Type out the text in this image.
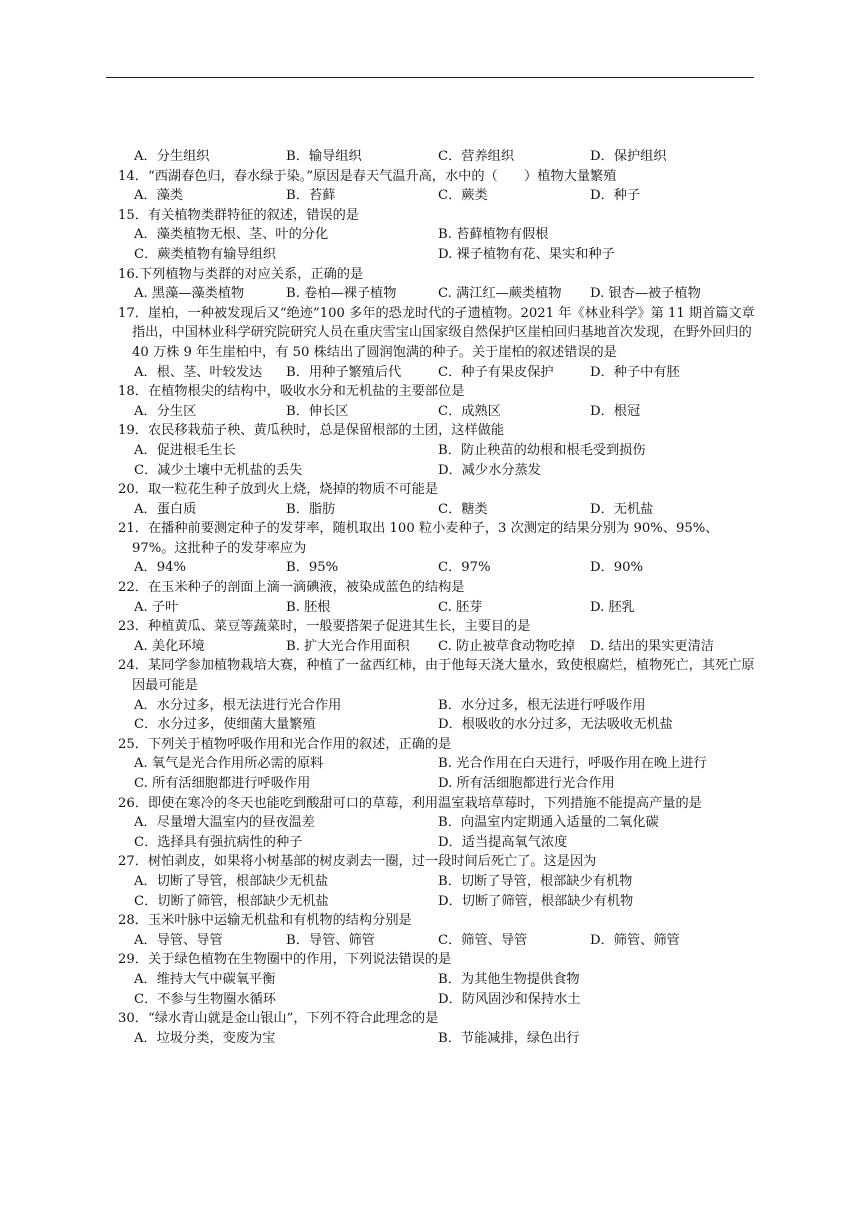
A．分生组织	B．输导组织	C．营养组织	D．保护组织
14．“西湖春色归，春水绿于染。”原因是春天气温升高，水中的（　　）植物大量繁殖
A．藻类	B．苔藓	C．蕨类	D．种子
15．有关植物类群特征的叙述，错误的是
A．藻类植物无根、茎、叶的分化	B. 苔藓植物有假根
C．蕨类植物有输导组织	D. 裸子植物有花、果实和种子
16.下列植物与类群的对应关系，正确的是
A. 黑藻—藻类植物	B. 卷柏—裸子植物	C. 满江红—蕨类植物 D. 银杏—被子植物
17．崖柏，一种被发现后又“绝迹”100 多年的恐龙时代的孑遗植物。2021 年《林业科学》第 11 期首篇文章指出，中国林业科学研究院研究人员在重庆雪宝山国家级自然保护区崖柏回归基地首次发现，在野外回归的 40 万株 9 年生崖柏中，有 50 株结出了圆润饱满的种子。关于崖柏的叙述错误的是
A．根、茎、叶较发达 B．用种子繁殖后代	C．种子有果皮保护	D．种子中有胚
18．在植物根尖的结构中，吸收水分和无机盐的主要部位是
A．分生区	B．伸长区	C．成熟区	D．根冠
19．农民移栽茄子秧、黄瓜秧时，总是保留根部的土团，这样做能
A．促进根毛生长	B．防止秧苗的幼根和根毛受到损伤
C．减少土壤中无机盐的丢失	D．减少水分蒸发
20．取一粒花生种子放到火上烧，烧掉的物质不可能是
A．蛋白质	B．脂肪	C．糖类	D．无机盐
21．在播种前要测定种子的发芽率，随机取出 100 粒小麦种子，3 次测定的结果分别为 90%、95%、97%。这批种子的发芽率应为
A．94%	B．95%	C．97%	D．90%
22．在玉米种子的剖面上滴一滴碘液，被染成蓝色的结构是
A. 子叶	B. 胚根	C. 胚芽	D. 胚乳
23．种植黄瓜、菜豆等蔬菜时，一般要搭架子促进其生长，主要目的是
A. 美化环境	B. 扩大光合作用面积 C. 防止被草食动物吃掉 D. 结出的果实更清洁
24．某同学参加植物栽培大赛，种植了一盆西红柿，由于他每天浇大量水，致使根腐烂，植物死亡，其死亡原因最可能是
A．水分过多，根无法进行光合作用	B．水分过多，根无法进行呼吸作用
C．水分过多，使细菌大量繁殖	D．根吸收的水分过多，无法吸收无机盐
25．下列关于植物呼吸作用和光合作用的叙述，正确的是
A. 氧气是光合作用所必需的原料	B. 光合作用在白天进行，呼吸作用在晚上进行
C. 所有活细胞都进行呼吸作用	D. 所有活细胞都进行光合作用
26．即使在寒冷的冬天也能吃到酸甜可口的草莓，利用温室栽培草莓时，下列措施不能提高产量的是
A．尽量增大温室内的昼夜温差	B．向温室内定期通入适量的二氧化碳
C．选择具有强抗病性的种子	D．适当提高氧气浓度
27．树怕剥皮，如果将小树基部的树皮剥去一圈，过一段时间后死亡了。这是因为
A．切断了导管，根部缺少无机盐	B．切断了导管，根部缺少有机物
C．切断了筛管，根部缺少无机盐	D．切断了筛管，根部缺少有机物
28．玉米叶脉中运输无机盐和有机物的结构分别是
A．导管、导管	B．导管、筛管	C．筛管、导管	D．筛管、筛管
29．关于绿色植物在生物圈中的作用，下列说法错误的是
A．维持大气中碳氧平衡	B．为其他生物提供食物
C．不参与生物圈水循环	D．防风固沙和保持水土
30．“绿水青山就是金山银山”，下列不符合此理念的是
A．垃圾分类，变废为宝	B．节能减排，绿色出行
